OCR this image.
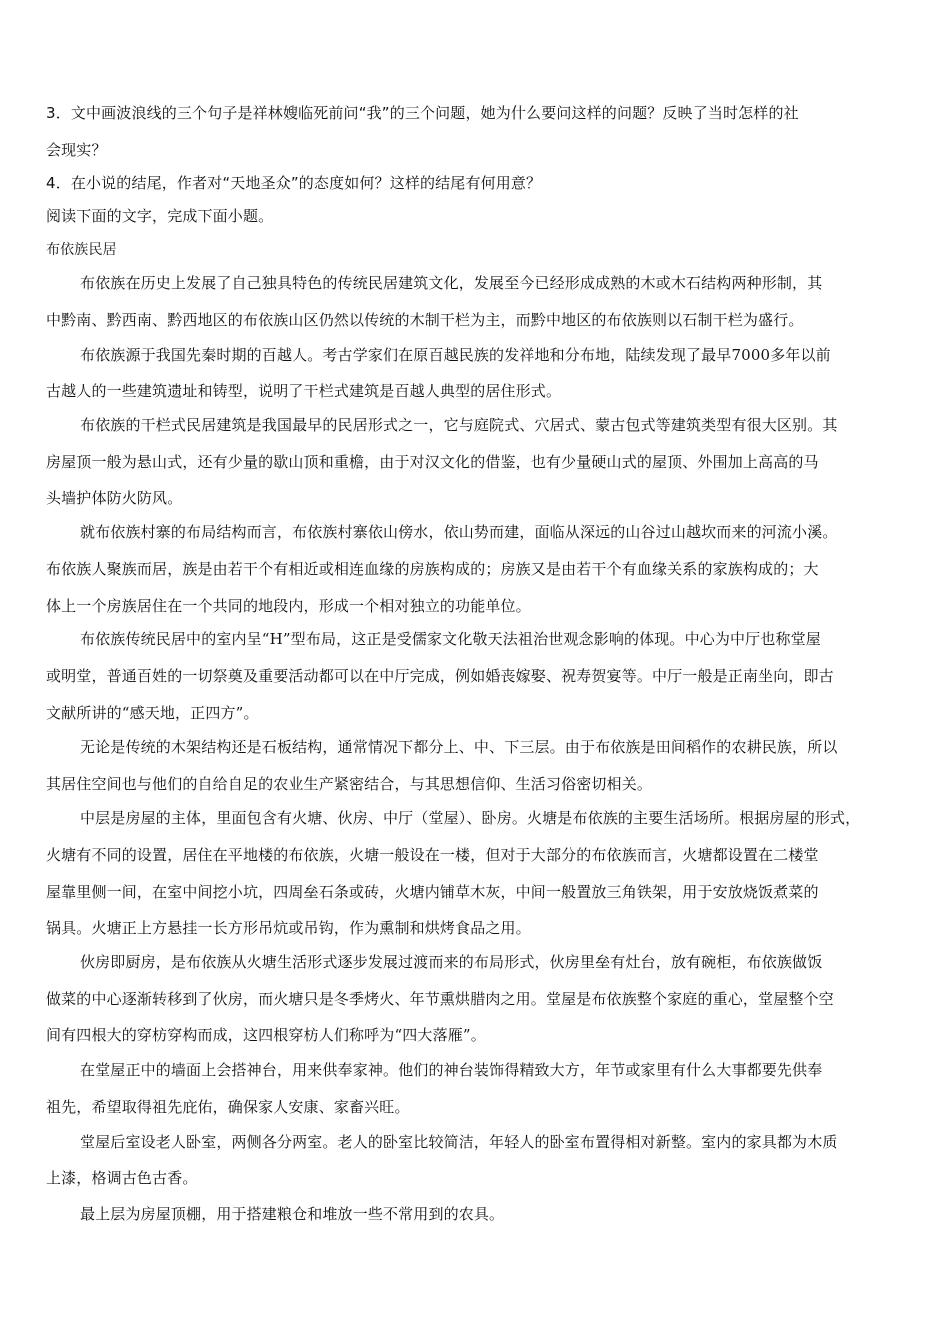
3．文中画波浪线的三个句子是祥林嫂临死前问“我”的三个问题，她为什么要问这样的问题？反映了当时怎样的社
会现实？
4．在小说的结尾，作者对“天地圣众”的态度如何？这样的结尾有何用意？
阅读下面的文字，完成下面小题。
布依族民居
布依族在历史上发展了自己独具特色的传统民居建筑文化，发展至今已经形成成熟的木或木石结构两种形制，其
中黔南、黔西南、黔西地区的布依族山区仍然以传统的木制干栏为主，而黔中地区的布依族则以石制干栏为盛行。
布依族源于我国先秦时期的百越人。考古学家们在原百越民族的发祥地和分布地，陆续发现了最早7000多年以前
古越人的一些建筑遗址和铸型，说明了干栏式建筑是百越人典型的居住形式。
布依族的干栏式民居建筑是我国最早的民居形式之一，它与庭院式、穴居式、蒙古包式等建筑类型有很大区别。其
房屋顶一般为悬山式，还有少量的歇山顶和重檐，由于对汉文化的借鉴，也有少量硬山式的屋顶、外围加上高高的马
头墙护体防火防风。
就布依族村寨的布局结构而言，布依族村寨依山傍水，依山势而建，面临从深远的山谷过山越坎而来的河流小溪。
布依族人聚族而居，族是由若干个有相近或相连血缘的房族构成的；房族又是由若干个有血缘关系的家族构成的；大
体上一个房族居住在一个共同的地段内，形成一个相对独立的功能单位。
布依族传统民居中的室内呈“H”型布局，这正是受儒家文化敬天法祖治世观念影响的体现。中心为中厅也称堂屋
或明堂，普通百姓的一切祭奠及重要活动都可以在中厅完成，例如婚丧嫁娶、祝寿贺宴等。中厅一般是正南坐向，即古
文献所讲的“感天地，正四方”。
无论是传统的木架结构还是石板结构，通常情况下都分上、中、下三层。由于布依族是田间稻作的农耕民族，所以
其居住空间也与他们的自给自足的农业生产紧密结合，与其思想信仰、生活习俗密切相关。
中层是房屋的主体，里面包含有火塘、伙房、中厅（堂屋）、卧房。火塘是布依族的主要生活场所。根据房屋的形式，
火塘有不同的设置，居住在平地楼的布依族，火塘一般设在一楼，但对于大部分的布依族而言，火塘都设置在二楼堂
屋靠里侧一间，在室中间挖小坑，四周垒石条或砖，火塘内铺草木灰，中间一般置放三角铁架，用于安放烧饭煮菜的
锅具。火塘正上方悬挂一长方形吊炕或吊钩，作为熏制和烘烤食品之用。
伙房即厨房，是布依族从火塘生活形式逐步发展过渡而来的布局形式，伙房里垒有灶台，放有碗柜，布依族做饭
做菜的中心逐渐转移到了伙房，而火塘只是冬季烤火、年节熏烘腊肉之用。堂屋是布依族整个家庭的重心，堂屋整个空
间有四根大的穿枋穿构而成，这四根穿枋人们称呼为“四大落雁”。
在堂屋正中的墙面上会搭神台，用来供奉家神。他们的神台装饰得精致大方，年节或家里有什么大事都要先供奉
祖先，希望取得祖先庇佑，确保家人安康、家畜兴旺。
堂屋后室设老人卧室，两侧各分两室。老人的卧室比较简洁，年轻人的卧室布置得相对新整。室内的家具都为木质
上漆，格调古色古香。
最上层为房屋顶棚，用于搭建粮仓和堆放一些不常用到的农具。
